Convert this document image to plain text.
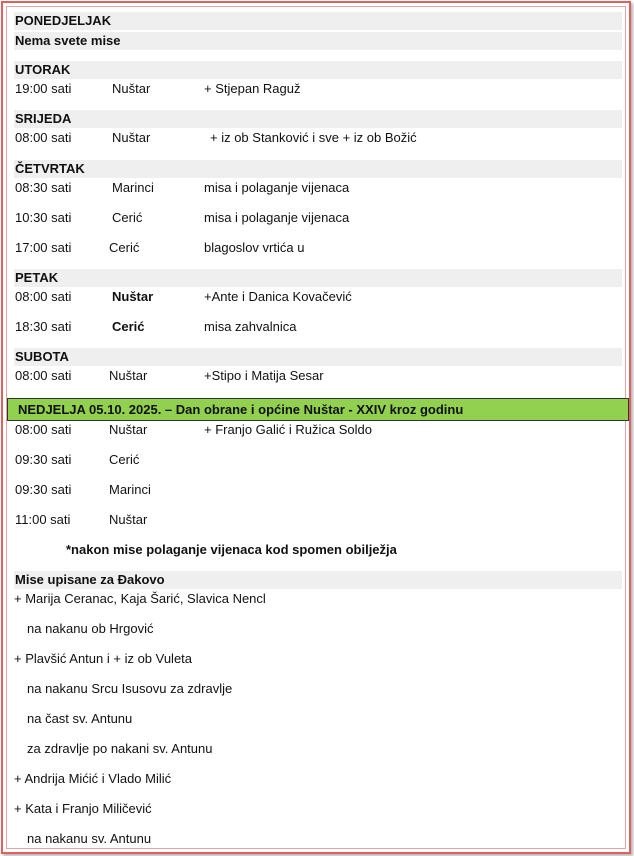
PONEDJELJAK
Nema svete mise
UTORAK
19:00 sati	Nuštar	+ Stjepan Raguž
SRIJEDA
08:00 sati	Nuštar	+ iz ob Stanković i sve + iz ob Božić
ČETVRTAK
08:30 sati	Marinci	misa i polaganje vijenaca
10:30 sati	Cerić	misa i polaganje vijenaca
17:00 sati	Cerić	blagoslov vrtića u
PETAK
08:00 sati	Nuštar	+Ante i Danica Kovačević
18:30 sati	Cerić	misa zahvalnica
SUBOTA
08:00 sati	Nuštar	+Stipo i Matija Sesar
NEDJELJA 05.10. 2025. – Dan obrane i općine Nuštar - XXIV kroz godinu
08:00 sati	Nuštar	+ Franjo Galić i Ružica Soldo
09:30 sati	Cerić
09:30 sati	Marinci
11:00 sati	Nuštar
*nakon mise polaganje vijenaca kod spomen obilježja
Mise upisane za Đakovo
+ Marija Ceranac, Kaja Šarić, Slavica Nencl
na nakanu ob Hrgović
+ Plavšić Antun i + iz ob Vuleta
na nakanu Srcu Isusovu za zdravlje
na čast sv. Antunu
za zdravlje po nakani sv. Antunu
+ Andrija Mićić i Vlado Milić
+ Kata i Franjo Miličević
na nakanu sv. Antunu
